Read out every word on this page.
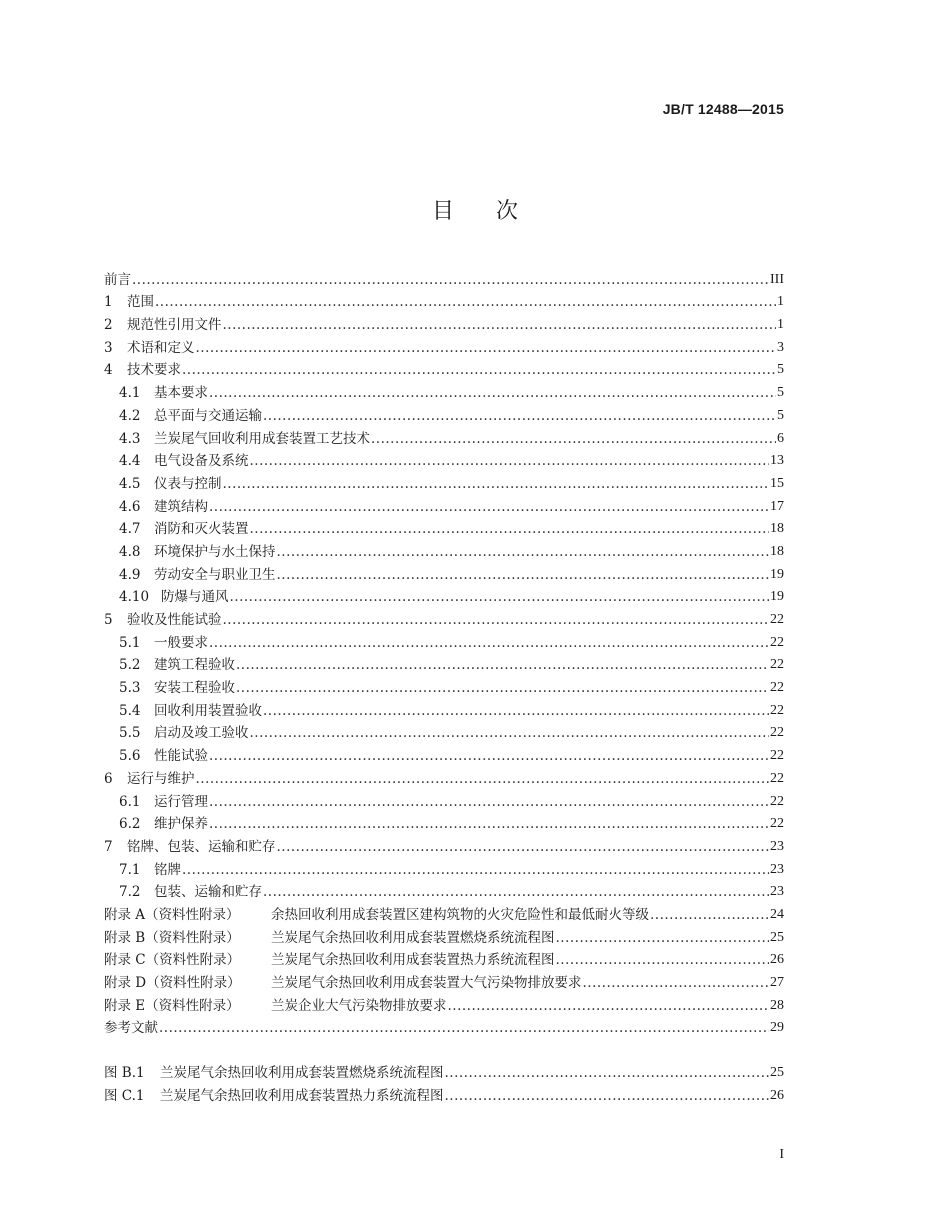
JB/T 12488—2015
目次
前言 .....	III
1	范围 .....	1
2	规范性引用文件 .....	1
3	术语和定义 .....	3
4	技术要求 .....	5
4.1	基本要求 .....	5
4.2	总平面与交通运输 .....	5
4.3	兰炭尾气回收利用成套装置工艺技术 .....	6
4.4	电气设备及系统 .....	13
4.5	仪表与控制 .....	15
4.6	建筑结构 .....	17
4.7	消防和灭火装置 .....	18
4.8	环境保护与水土保持 .....	18
4.9	劳动安全与职业卫生 .....	19
4.10 防爆与通风 .....	19
5	验收及性能试验 .....	22
5.1	一般要求 .....	22
5.2	建筑工程验收 .....	22
5.3	安装工程验收 .....	22
5.4	回收利用装置验收 .....	22
5.5	启动及竣工验收 .....	22
5.6	性能试验 .....	22
6	运行与维护 .....	22
6.1	运行管理 .....	22
6.2	维护保养 .....	22
7	铭牌、包装、运输和贮存 .....	23
7.1	铭牌 .....	23
7.2	包装、运输和贮存 .....	23
附录 A（资料性附录）	余热回收利用成套装置区建构筑物的火灾危险性和最低耐火等级 .....	24
附录 B（资料性附录）	兰炭尾气余热回收利用成套装置燃烧系统流程图 .....	25
附录 C（资料性附录）	兰炭尾气余热回收利用成套装置热力系统流程图 .....	26
附录 D（资料性附录）	兰炭尾气余热回收利用成套装置大气污染物排放要求 .....	27
附录 E（资料性附录）	兰炭企业大气污染物排放要求 .....	28
参考文献 .....	29
图 B.1	兰炭尾气余热回收利用成套装置燃烧系统流程图 .....	25
图 C.1	兰炭尾气余热回收利用成套装置热力系统流程图 .....	26
I
